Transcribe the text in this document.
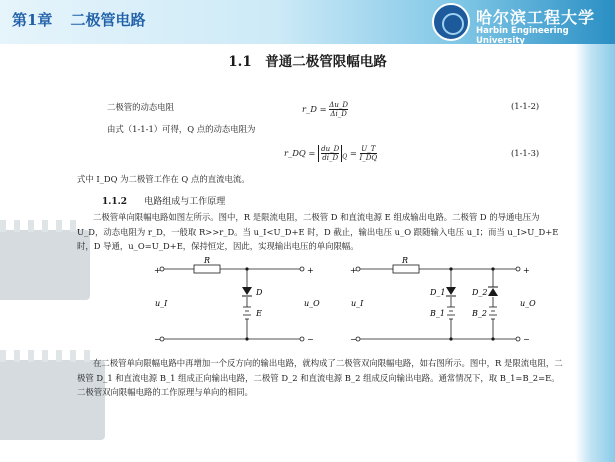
第1章 二极管电路	哈尔滨工程大学
Harbin Engineering University
1.1　普通二极管限幅电路
二极管的动态电阻	r_D = $\frac{\Delta u\_D}{\Delta i\_D}$	(1-1-2)
由式（1-1-1）可得，Q 点的动态电阻为
r_DQ = $\frac{du\_D}{di\_D} _Q = \frac{U\_T}{I\_DQ}$	(1-1-3)
式中 I_DQ 为二极管工作在 Q 点的直流电流。
1.1.2 电路组成与工作原理
二极管单向限幅电路如图左所示。图中，R 是限流电阻，二极管 D 和直流电源 E 组成输出电路。二极管 D 的导通电压为 U_D，动态电阻为 r_D，一般取 R>>r_D。当 u_I<U_D+E 时，D 截止，输出电压 u_O 跟随输入电压 u_I；而当 u_I>U_D+E 时，D 导通，u_O=U_D+E，保持恒定，因此，实现输出电压的单向限幅。
+
−
+
−
R
D
E
u_I	u_O
+
−
+
−
R
D_1	D_2
B_1	B_2
u_I	u_O
在二极管单向限幅电路中再增加一个反方向的输出电路，就构成了二极管双向限幅电路，如右图所示。图中，R 是限流电阻，二极管 D_1 和直流电源 B_1 组成正向输出电路，二极管 D_2 和直流电源 B_2 组成反向输出电路。通常情况下，取 B_1=B_2=E。二极管双向限幅电路的工作原理与单向的相同。
